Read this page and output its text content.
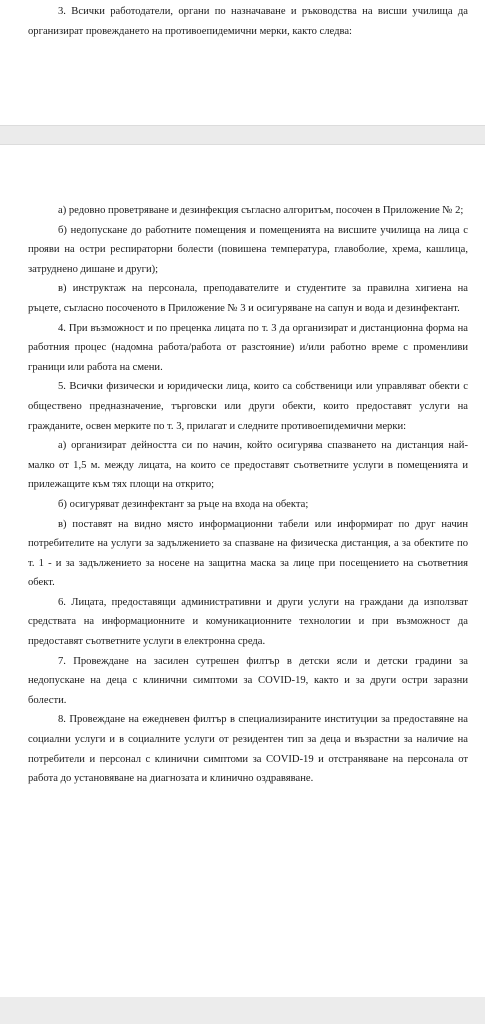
3. Всички работодатели, органи по назначаване и ръководства на висши училища да организират провеждането на противоепидемични мерки, както следва:

а) редовно проветряване и дезинфекция съгласно алгоритъм, посочен в Приложение № 2;

б) недопускане до работните помещения и помещенията на висшите училища на лица с прояви на остри респираторни болести (повишена температура, главоболие, хрема, кашлица, затруднено дишане и други);

в) инструктаж на персонала, преподавателите и студентите за правилна хигиена на ръцете, съгласно посоченото в Приложение № 3 и осигуряване на сапун и вода и дезинфектант.

4. При възможност и по преценка лицата по т. 3 да организират и дистанционна форма на работния процес (надомна работа/работа от разстояние) и/или работно време с променливи граници или работа на смени.

5. Всички физически и юридически лица, които са собственици или управляват обекти с обществено предназначение, търговски или други обекти, които предоставят услуги на гражданите, освен мерките по т. 3, прилагат и следните противоепидемични мерки:

а) организират дейността си по начин, който осигурява спазването на дистанция най-малко от 1,5 м. между лицата, на които се предоставят съответните услуги в помещенията и прилежащите към тях площи на открито;

б) осигуряват дезинфектант за ръце на входа на обекта;

в) поставят на видно място информационни табели или информират по друг начин потребителите на услуги за задължението за спазване на физическа дистанция, а за обектите по т. 1 - и за задължението за носене на защитна маска за лице при посещението на съответния обект.

6. Лицата, предоставящи административни и други услуги на граждани да използват средствата на информационните и комуникационните технологии и при възможност да предоставят съответните услуги в електронна среда.

7. Провеждане на засилен сутрешен филтър в детски ясли и детски градини за недопускане на деца с клинични симптоми за COVID-19, както и за други остри заразни болести.

8. Провеждане на ежедневен филтър в специализираните институции за предоставяне на социални услуги и в социалните услуги от резидентен тип за деца и възрастни за наличие на потребители и персонал с клинични симптоми за COVID-19 и отстраняване на персонала от работа до установяване на диагнозата и клинично оздравяване.
